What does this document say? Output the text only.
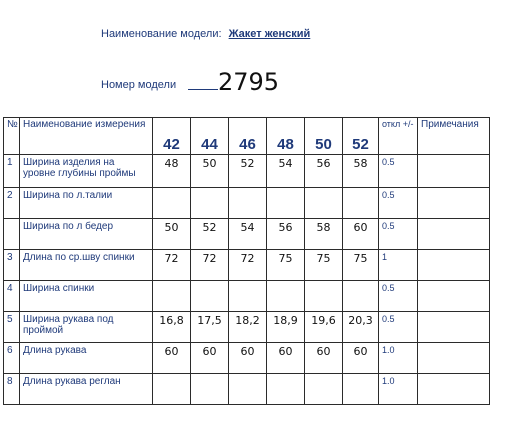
Наименование модели: Жакет женский
Номер модели 2795
№	Наименование измерения	42	44	46	48	50	52	откл +/-	Примечания
1	Ширина изделия на уровне глубины проймы	48	50	52	54	56	58	0.5	
2	Ширина по л.талии							0.5	
	Ширина по л бедер	50	52	54	56	58	60	0.5	
3	Длина по ср.шву спинки	72	72	72	75	75	75	1	
4	Ширина спинки							0.5	
5	Ширина рукава под проймой	16,8	17,5	18,2	18,9	19,6	20,3	0.5	
6	Длина рукава	60	60	60	60	60	60	1.0	
8	Длина рукава реглан							1.0	
